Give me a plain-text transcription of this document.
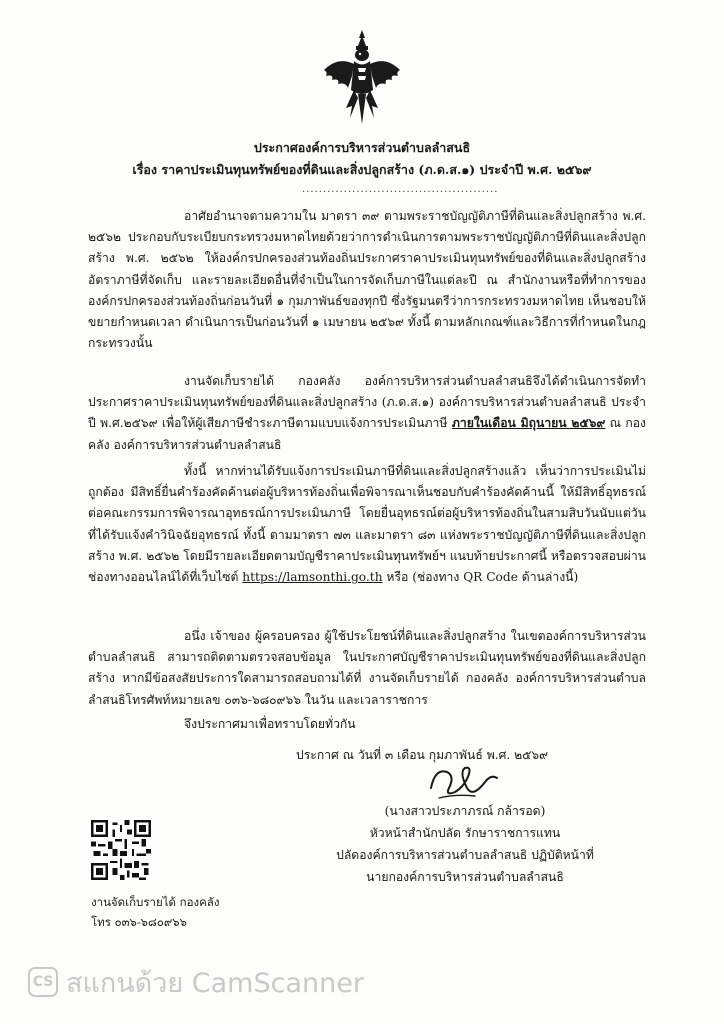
ประกาศองค์การบริหารส่วนตำบลลำสนธิ
เรื่อง ราคาประเมินทุนทรัพย์ของที่ดินและสิ่งปลูกสร้าง (ภ.ด.ส.๑) ประจำปี พ.ศ. ๒๕๖๙
...............................................
อาศัยอำนาจตามความใน มาตรา ๓๙ ตามพระราชบัญญัติภาษีที่ดินและสิ่งปลูกสร้าง พ.ศ. ๒๕๖๒ ประกอบกับระเบียบกระทรวงมหาดไทยด้วยว่าการดำเนินการตามพระราชบัญญัติภาษีที่ดินและสิ่งปลูกสร้าง พ.ศ. ๒๕๖๒ ให้องค์กรปกครองส่วนท้องถิ่นประกาศราคาประเมินทุนทรัพย์ของที่ดินและสิ่งปลูกสร้าง อัตราภาษีที่จัดเก็บ และรายละเอียดอื่นที่จำเป็นในการจัดเก็บภาษีในแต่ละปี ณ สำนักงานหรือที่ทำการขององค์กรปกครองส่วนท้องถิ่นก่อนวันที่ ๑ กุมภาพันธ์ของทุกปี ซึ่งรัฐมนตรีว่าการกระทรวงมหาดไทย เห็นชอบให้ขยายกำหนดเวลา ดำเนินการเป็นก่อนวันที่ ๑ เมษายน ๒๕๖๙ ทั้งนี้ ตามหลักเกณฑ์และวิธีการที่กำหนดในกฎกระทรวงนั้น
งานจัดเก็บรายได้ กองคลัง องค์การบริหารส่วนตำบลลำสนธิจึงได้ดำเนินการจัดทำประกาศราคาประเมินทุนทรัพย์ของที่ดินและสิ่งปลูกสร้าง (ภ.ด.ส.๑) องค์การบริหารส่วนตำบลลำสนธิ ประจำปี พ.ศ.๒๕๖๙ เพื่อให้ผู้เสียภาษีชำระภาษีตามแบบแจ้งการประเมินภาษี ภายในเดือน มิถุนายน ๒๕๖๙ ณ กองคลัง องค์การบริหารส่วนตำบลลำสนธิ
ทั้งนี้ หากท่านได้รับแจ้งการประเมินภาษีที่ดินและสิ่งปลูกสร้างแล้ว เห็นว่าการประเมินไม่ถูกต้อง มีสิทธิ์ยื่นคำร้องคัดค้านต่อผู้บริหารท้องถิ่นเพื่อพิจารณาเห็นชอบกับคำร้องคัดค้านนี้ ให้มีสิทธิ์อุทธรณ์ ต่อคณะกรรมการพิจารณาอุทธรณ์การประเมินภาษี โดยยื่นอุทธรณ์ต่อผู้บริหารท้องถิ่นในสามสิบวันนับแต่วันที่ได้รับแจ้งคำวินิจฉัยอุทธรณ์ ทั้งนี้ ตามมาตรา ๗๓ และมาตรา ๘๓ แห่งพระราชบัญญัติภาษีที่ดินและสิ่งปลูกสร้าง พ.ศ. ๒๕๖๒ โดยมีรายละเอียดตามบัญชีราคาประเมินทุนทรัพย์ฯ แนบท้ายประกาศนี้ หรือตรวจสอบผ่านช่องทางออนไลน์ได้ที่เว็บไซต์ https://lamsonthi.go.th หรือ (ช่องทาง QR Code ด้านล่างนี้)
อนึ่ง เจ้าของ ผู้ครอบครอง ผู้ใช้ประโยชน์ที่ดินและสิ่งปลูกสร้าง ในเขตองค์การบริหารส่วนตำบลลำสนธิ สามารถติดตามตรวจสอบข้อมูล ในประกาศบัญชีราคาประเมินทุนทรัพย์ของที่ดินและสิ่งปลูกสร้าง หากมีข้อสงสัยประการใดสามารถสอบถามได้ที่ งานจัดเก็บรายได้ กองคลัง องค์การบริหารส่วนตำบลลำสนธิโทรศัพท์หมายเลข ๐๓๖-๖๘๐๙๖๖ ในวัน และเวลาราชการ
จึงประกาศมาเพื่อทราบโดยทั่วกัน
ประกาศ ณ วันที่ ๓ เดือน กุมภาพันธ์ พ.ศ. ๒๕๖๙
(นางสาวประภาภรณ์ กล้ารอด)
หัวหน้าสำนักปลัด รักษาราชการแทน
ปลัดองค์การบริหารส่วนตำบลลำสนธิ ปฏิบัติหน้าที่
นายกองค์การบริหารส่วนตำบลลำสนธิ
งานจัดเก็บรายได้ กองคลัง
โทร ๐๓๖-๖๘๐๙๖๖
CS สแกนด้วย CamScanner
